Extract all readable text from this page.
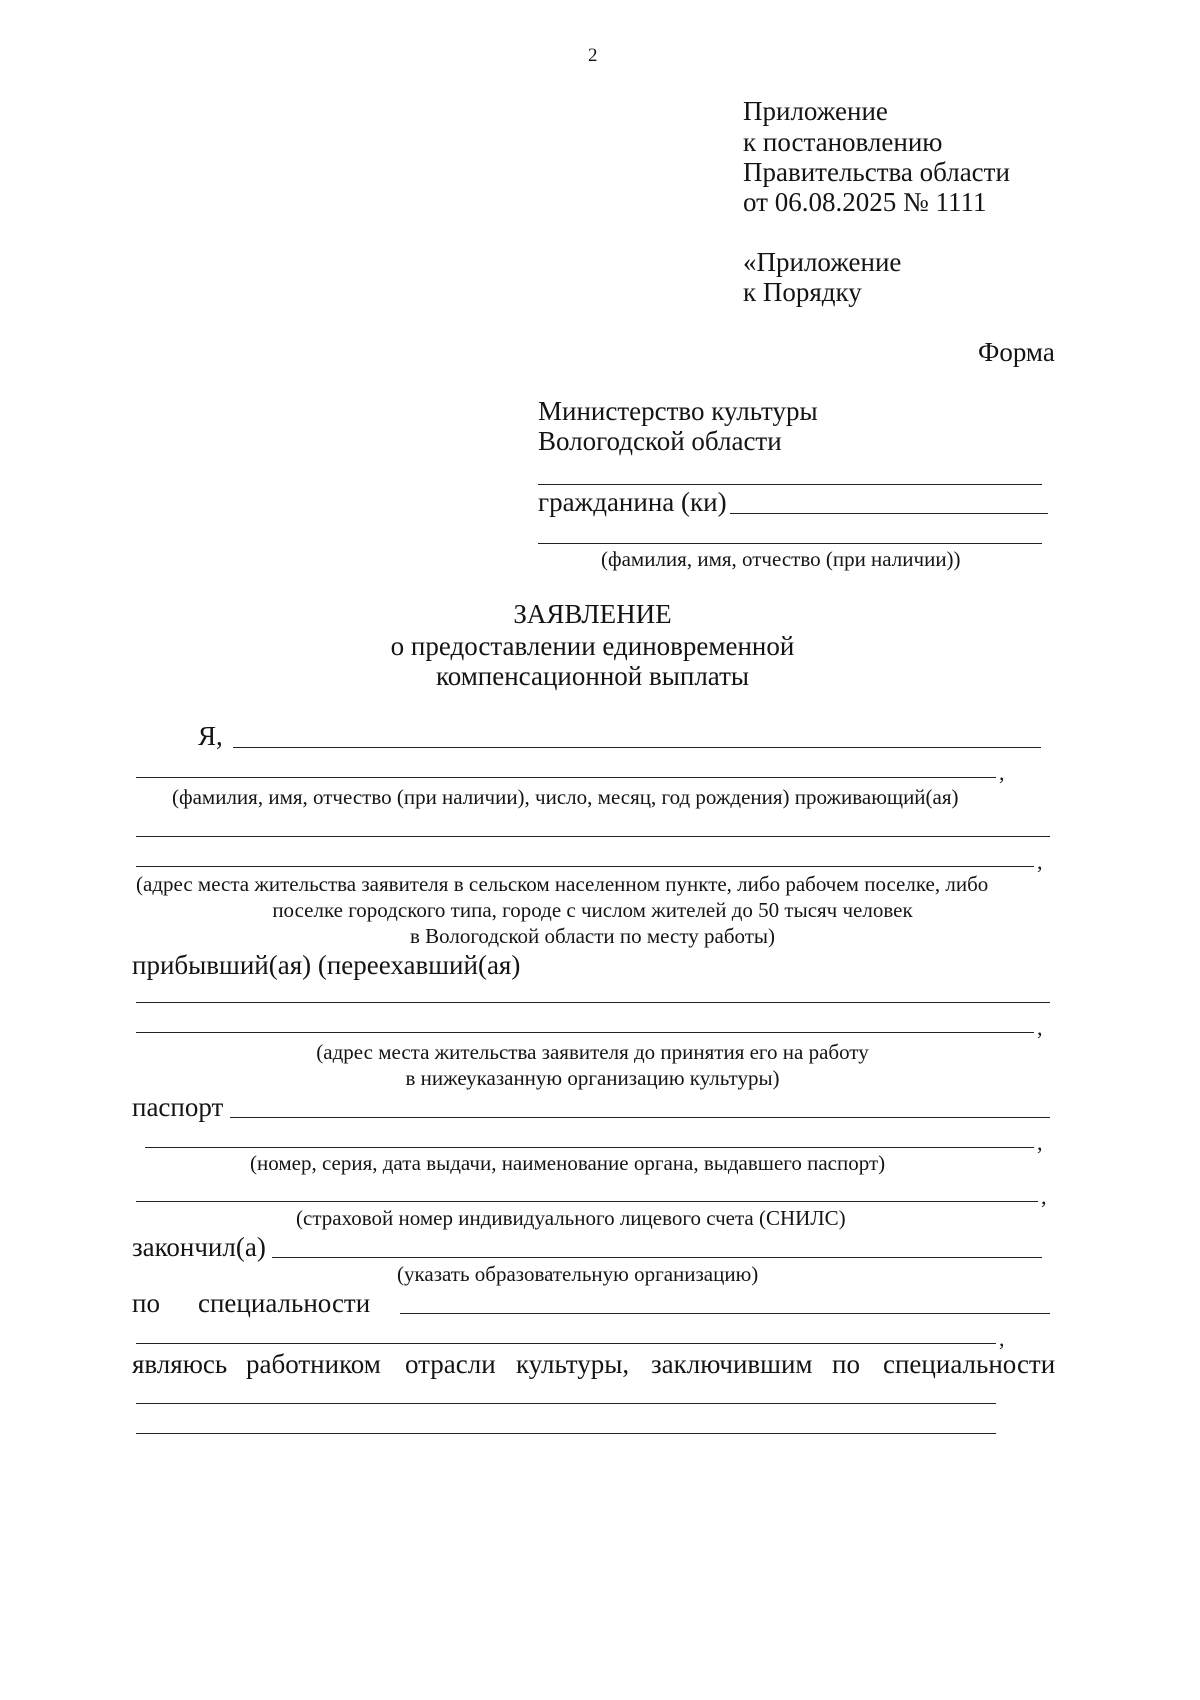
2
Приложение
к постановлению
Правительства области
от 06.08.2025 № 1111
«Приложение
к Порядку
Форма
Министерство культуры
Вологодской области
гражданина (ки)
(фамилия, имя, отчество (при наличии))
ЗАЯВЛЕНИЕ
о предоставлении единовременной
компенсационной выплаты
Я,
,
(фамилия, имя, отчество (при наличии), число, месяц, год рождения) проживающий(ая)
,
(адрес места жительства заявителя в сельском населенном пункте, либо рабочем поселке, либо
поселке городского типа, городе с числом жителей до 50 тысяч человек
в Вологодской области по месту работы)
прибывший(ая) (переехавший(ая)
,
(адрес места жительства заявителя до принятия его на работу
в нижеуказанную организацию культуры)
паспорт
,
(номер, серия, дата выдачи, наименование органа, выдавшего паспорт)
,
(страховой номер индивидуального лицевого счета (СНИЛС)
закончил(а)
(указать образовательную организацию)
по специальности
,
являюсь работником отрасли культуры, заключившим по специальности
